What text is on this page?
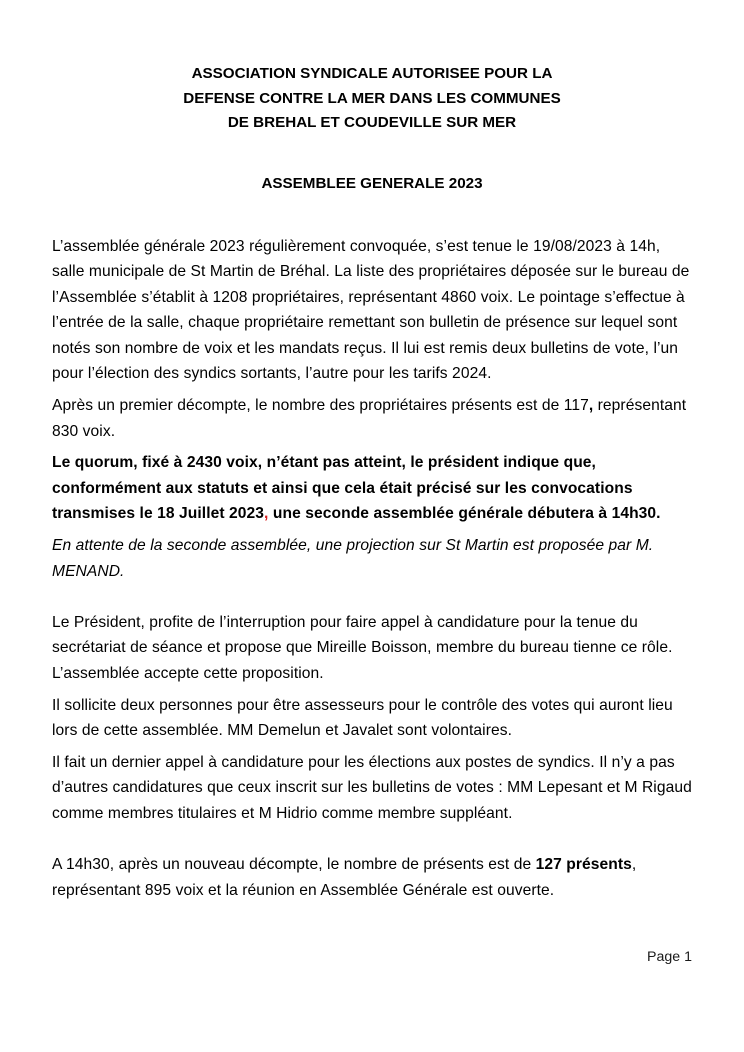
ASSOCIATION SYNDICALE AUTORISEE POUR LA
DEFENSE CONTRE LA MER DANS LES COMMUNES
DE BREHAL ET COUDEVILLE SUR MER
ASSEMBLEE GENERALE 2023

L’assemblée générale 2023 régulièrement convoquée, s’est tenue le 19/08/2023 à 14h, salle municipale de St Martin de Bréhal. La liste des propriétaires déposée sur le bureau de l’Assemblée s’établit à 1208 propriétaires, représentant 4860 voix. Le pointage s’effectue à l’entrée de la salle, chaque propriétaire remettant son bulletin de présence sur lequel sont notés son nombre de voix et les mandats reçus. Il lui est remis deux bulletins de vote, l’un pour l’élection des syndics sortants, l’autre pour les tarifs 2024.

Après un premier décompte, le nombre des propriétaires présents est de 117, représentant 830 voix.

Le quorum, fixé à 2430 voix, n’étant pas atteint, le président indique que, conformément aux statuts et ainsi que cela était précisé sur les convocations transmises le 18 Juillet 2023, une seconde assemblée générale débutera à 14h30.

En attente de la seconde assemblée, une projection sur St Martin est proposée par M. MENAND.

Le Président, profite de l’interruption pour faire appel à candidature pour la tenue du secrétariat de séance et propose que Mireille Boisson, membre du bureau tienne ce rôle. L’assemblée accepte cette proposition.

Il sollicite deux personnes pour être assesseurs pour le contrôle des votes qui auront lieu lors de cette assemblée. MM Demelun et Javalet sont volontaires.

Il fait un dernier appel à candidature pour les élections aux postes de syndics. Il n’y a pas d’autres candidatures que ceux inscrit sur les bulletins de votes : MM Lepesant et M Rigaud comme membres titulaires et M Hidrio comme membre suppléant.

A 14h30, après un nouveau décompte, le nombre de présents est de 127 présents, représentant 895 voix et la réunion en Assemblée Générale est ouverte.

Page 1
